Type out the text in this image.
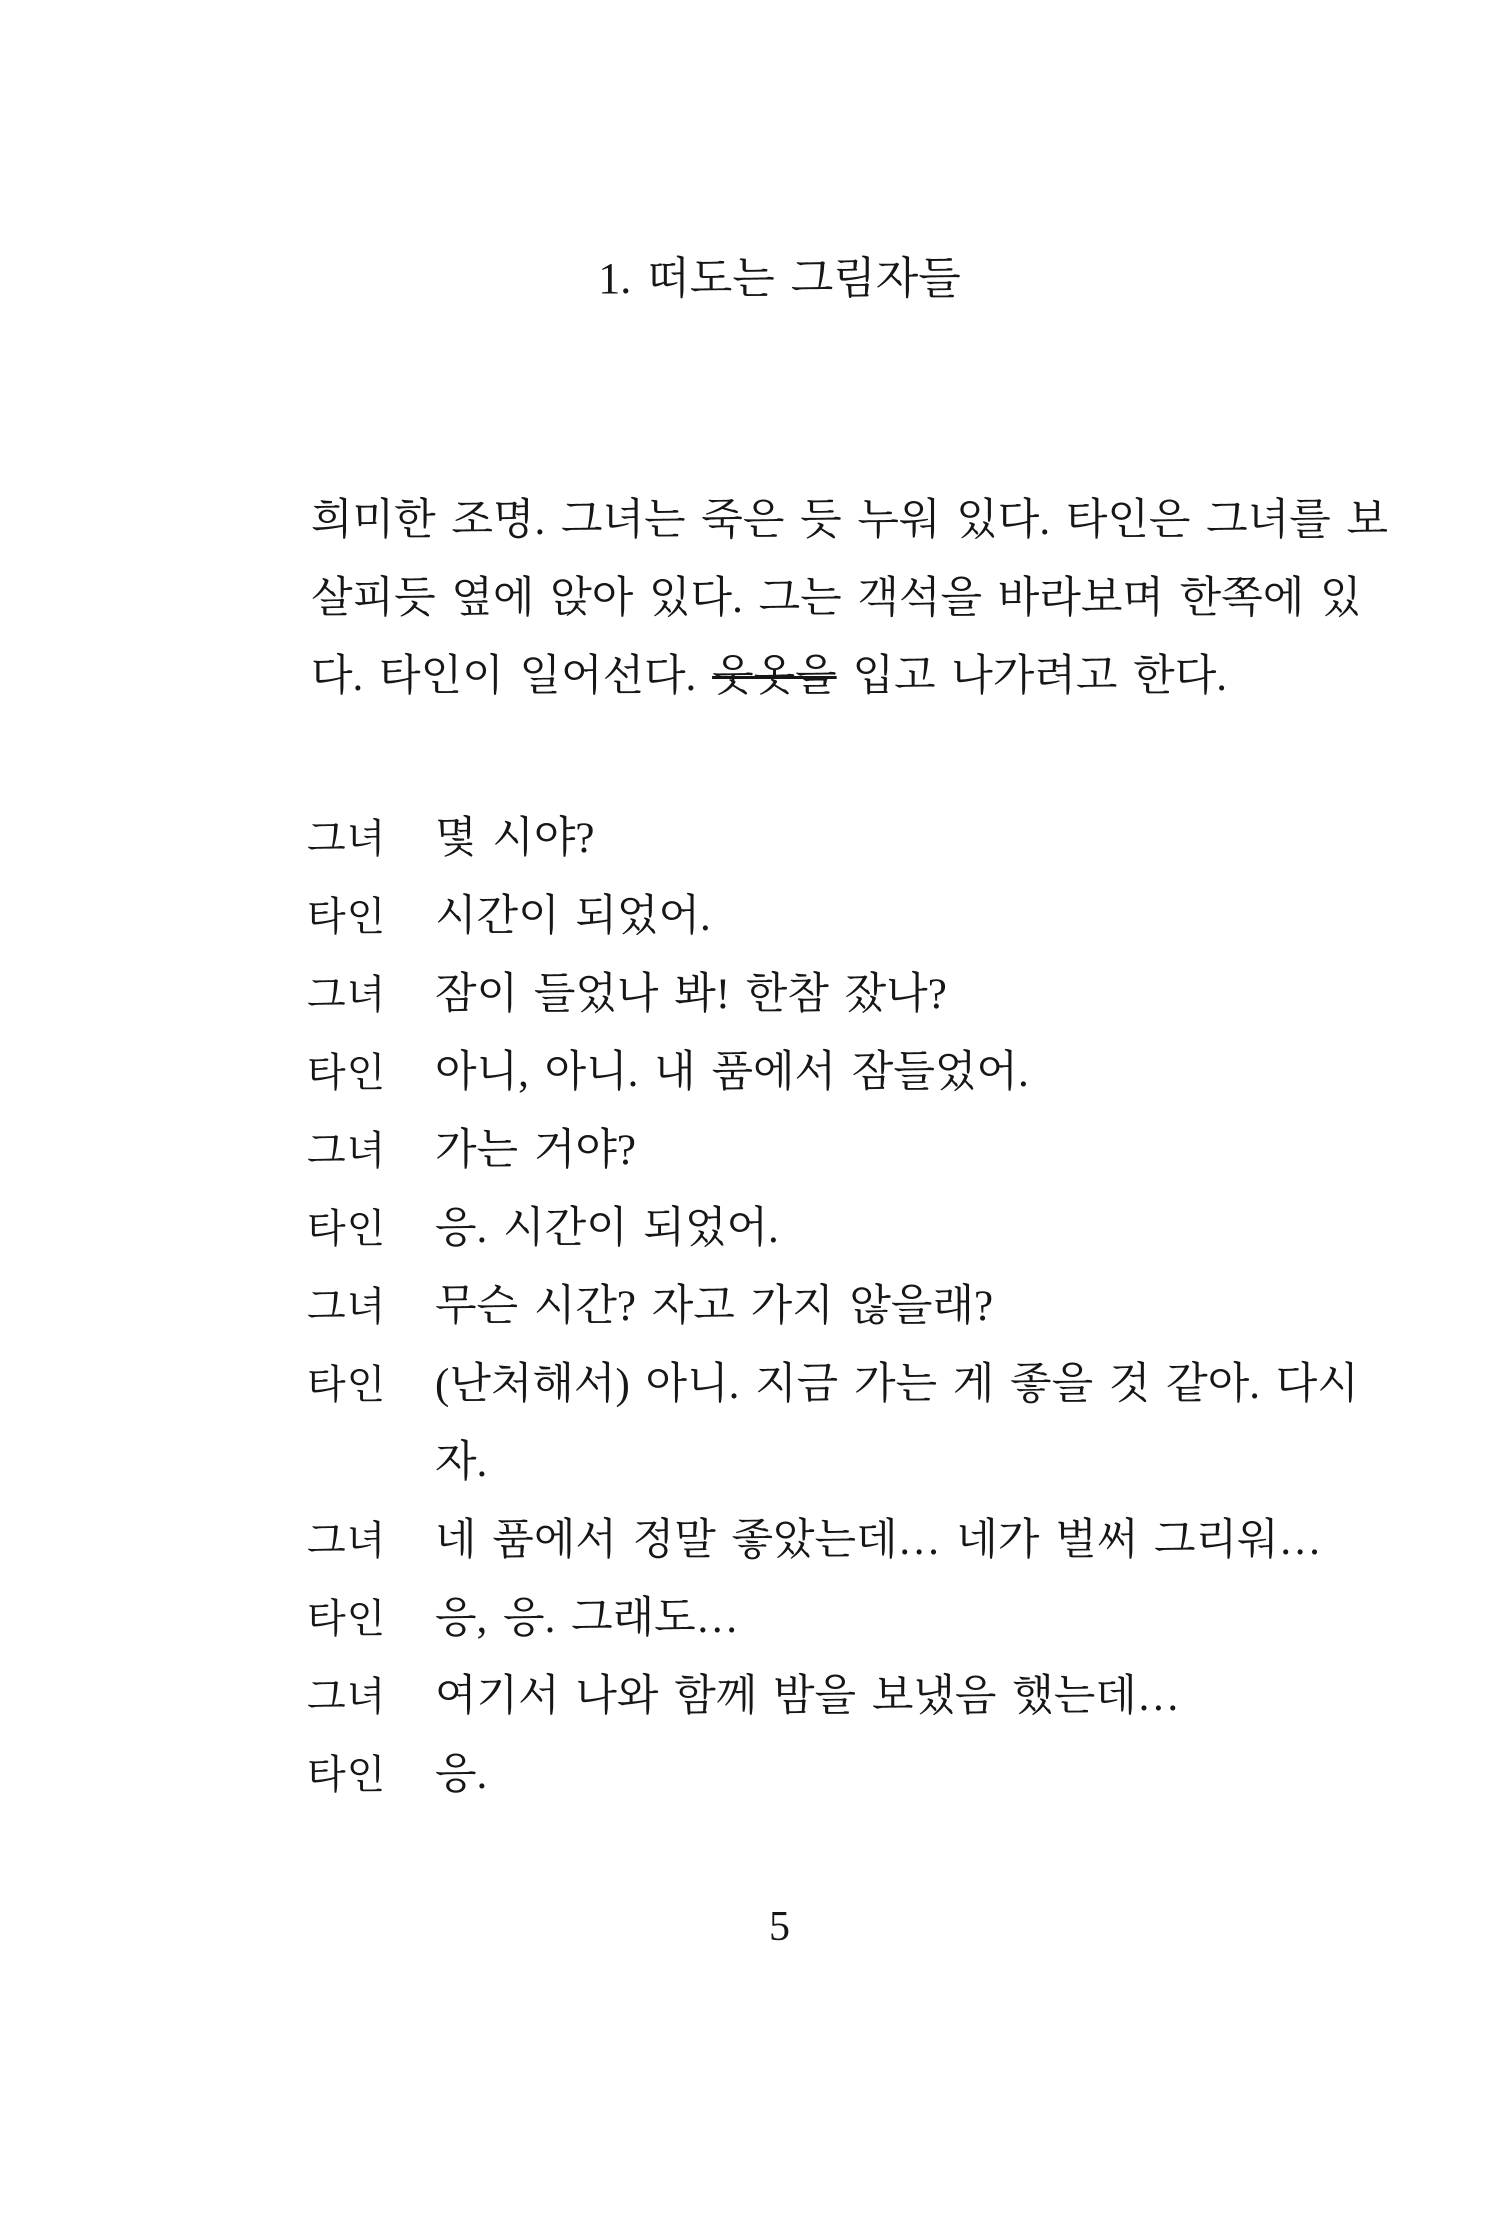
1. 떠도는 그림자들
희미한 조명. 그녀는 죽은 듯 누워 있다. 타인은 그녀를 보
살피듯 옆에 앉아 있다. 그는 객석을 바라보며 한쪽에 있
다. 타인이 일어선다. 웃옷을 입고 나가려고 한다.
그녀	몇 시야?
타인	시간이 되었어.
그녀	잠이 들었나 봐! 한참 잤나?
타인	아니, 아니. 내 품에서 잠들었어.
그녀	가는 거야?
타인	응. 시간이 되었어.
그녀	무슨 시간? 자고 가지 않을래?
타인	(난처해서) 아니. 지금 가는 게 좋을 것 같아. 다시
자.
그녀	네 품에서 정말 좋았는데… 네가 벌써 그리워…
타인	응, 응. 그래도…
그녀	여기서 나와 함께 밤을 보냈음 했는데…
타인	응.
5
